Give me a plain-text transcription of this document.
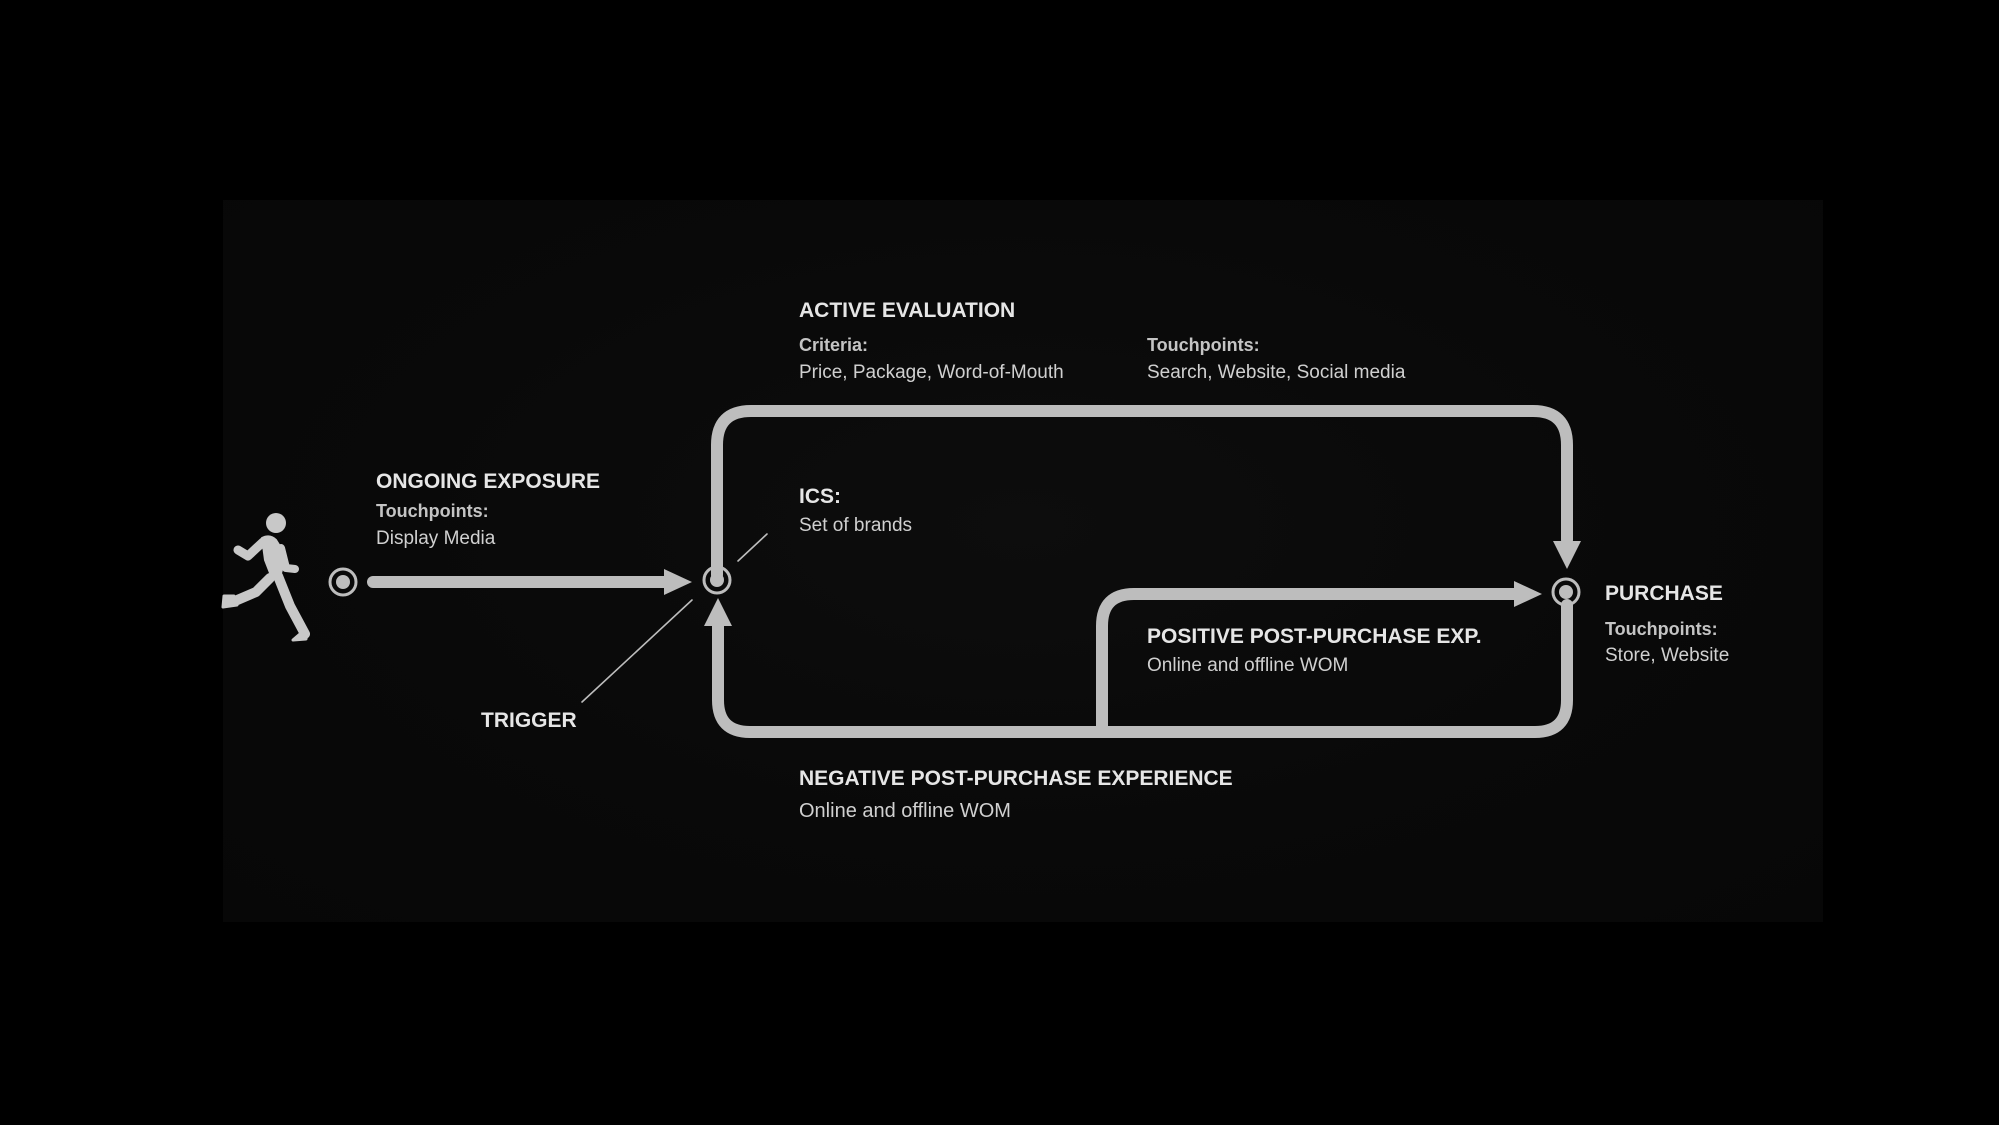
ONGOING EXPOSURE
Touchpoints:
Display Media
TRIGGER
ACTIVE EVALUATION
Criteria:
Price, Package, Word-of-Mouth
Touchpoints:
Search, Website, Social media
ICS:
Set of brands
POSITIVE POST-PURCHASE EXP.
Online and offline WOM
PURCHASE
Touchpoints:
Store, Website
NEGATIVE POST-PURCHASE EXPERIENCE
Online and offline WOM
